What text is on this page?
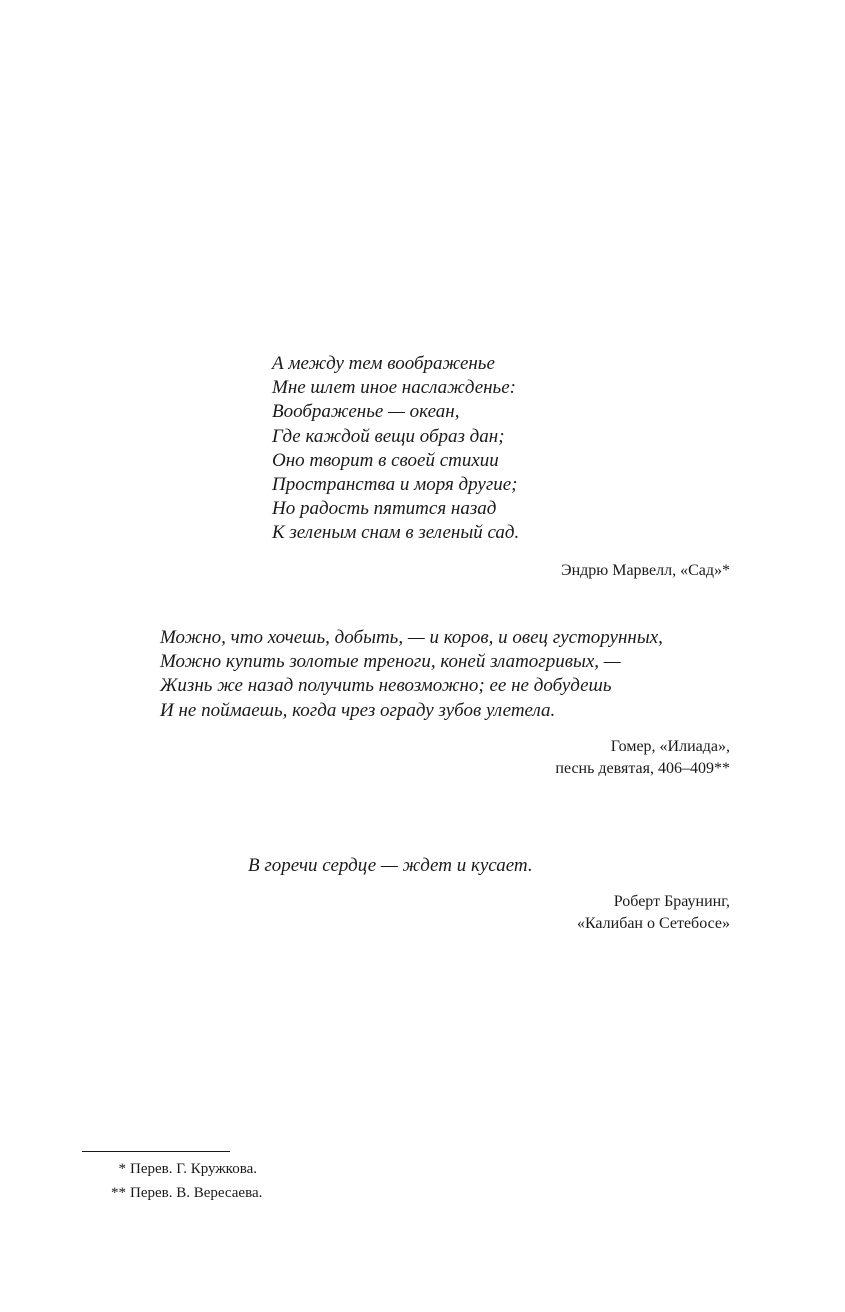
А между тем воображенье
Мне шлет иное наслажденье:
Воображенье — океан,
Где каждой вещи образ дан;
Оно творит в своей стихии
Пространства и моря другие;
Но радость пятится назад
К зеленым снам в зеленый сад.
Эндрю Марвелл, «Сад»*
Можно, что хочешь, добыть, — и коров, и овец густорунных,
Можно купить золотые треноги, коней златогривых, —
Жизнь же назад получить невозможно; ее не добудешь
И не поймаешь, когда чрез ограду зубов улетела.
Гомер, «Илиада»,
песнь девятая, 406–409**
В горечи сердце — ждет и кусает.
Роберт Браунинг,
«Калибан о Сетебосе»
* Перев. Г. Кружкова.
** Перев. В. Вересаева.
